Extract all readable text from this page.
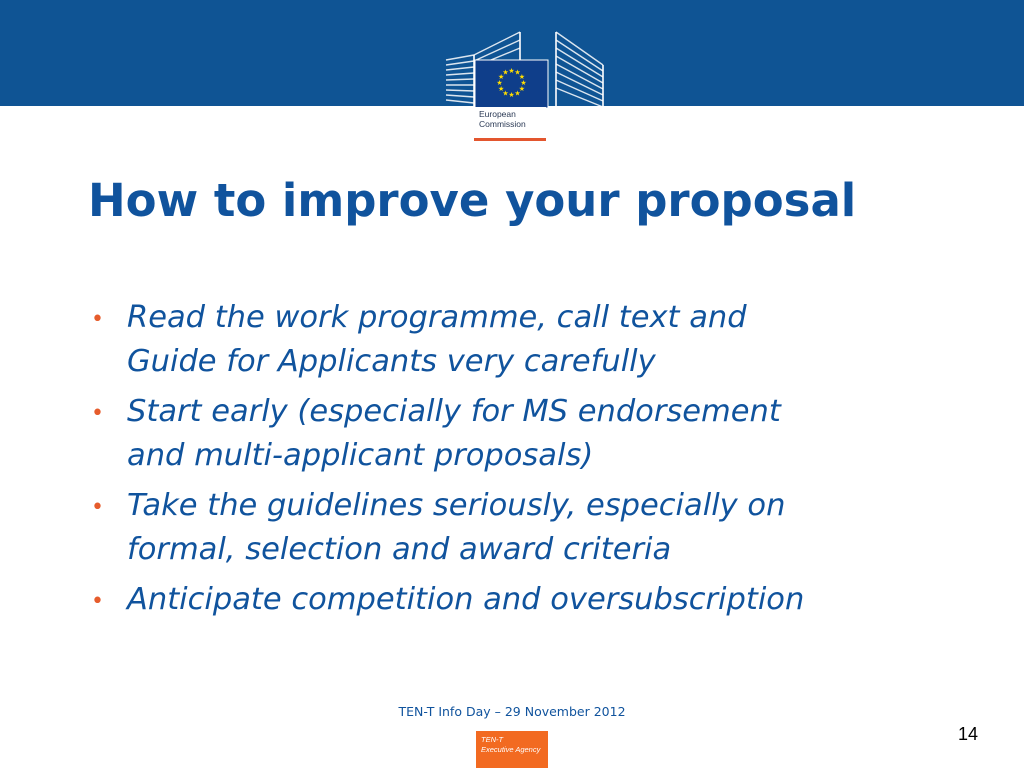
★ ★
★
★
★
★
★
★
★
★
★
★

European
Commission

How to improve your proposal
• Read the work programme, call text and
Guide for Applicants very carefully
• Start early (especially for MS endorsement
and multi-applicant proposals)
• Take the guidelines seriously, especially on
formal, selection and award criteria
• Anticipate competition and oversubscription
TEN-T Info Day – 29 November 2012
14
TEN-T
Executive Agency
